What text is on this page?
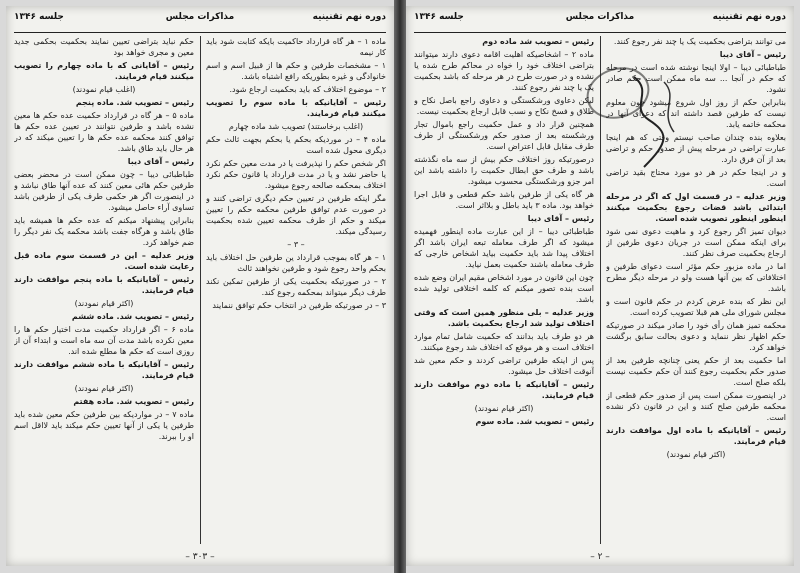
جلسه ۱۳۴۶	مذاکرات مجلس	دوره نهم تقنینیه

ماده ۱ – هر گاه قرارداد حاکمیت بایکه کتابت شود باید کار نیمه

۱ – مشخصات طرفین و حکم ها از قبیل اسم و اسم خانوادگی و غیره بطوریکه رافع اشتباه باشد.

۲ – موضوع اختلاف که باید بحکمیت ارجاع شود.

رئیس – آقایانیکه با ماده سوم را تصویب میکنند قیام فرمایند.

(اغلب برخاستند) تصویب شد ماده چهارم

ماده ۴ – در موردیکه بحکم یا بحکم بجهت ثالث حکم دیگری محول شده است

اگر شخص حکم را نپذیرفت یا در مدت معین حکم نکرد یا حاضر نشد و یا در مدت قرارداد یا قانون حکم نکرد اختلاف بمحکمه صالحه رجوع میشود.

مگر اینکه طرفین در تعیین حکم دیگری تراضی کنند و در صورت عدم توافق طرفین محکمه حکم را تعیین میکند و حکم از طرف محکمه تعیین شده بحکمیت رسیدگی میکند.

– ۳ –

۱ – هر گاه بموجب قرارداد ین طرفین حل اختلاف باید بحکم واحد رجوع شود و طرفین نخواهند ثالث

۲ – در صورتیکه بحکمیت یکی از طرفین تمکین نکند طرف دیگر میتواند بمحکمه رجوع کند.

۳ – در صورتیکه طرفین در انتخاب حکم توافق ننمایند

حکم نباید بتراضی تعیین نمایند بحکمیت بحکمی جدید معین و مجری خواهد بود

رئیس – آقایانی که با ماده چهارم را تصویب میکنند قیام فرمایند.

(اغلب قیام نمودند)

رئیس – تصویب شد. ماده پنجم

ماده ۵ – هر گاه در قرارداد حکمیت عده حکم ها معین نشده باشد و طرفین نتوانند در تعیین عده حکم ها توافق کنند محکمه عده حکم ها را تعیین میکند که در هر حال باید طاق باشد.

رئیس – آقای دیبا

طباطبائی دیبا – چون ممکن است در محضر بعضی طرفین حکم هائی معین کنند که عده آنها طاق نباشد و در اینصورت اگر هر حکمی طرف یکی از طرفین باشد تساوی آراء حاصل میشود.

بنابراین پیشنهاد میکنم که عده حکم ها همیشه باید طاق باشد و هرگاه جفت باشد محکمه یک نفر دیگر را ضم خواهد کرد.

وزیر عدلیه – این در قسمت سوم ماده قبل رعایت شده است.

رئیس – آقایانیکه با ماده پنجم موافقت دارند قیام فرمایند.

(اکثر قیام نمودند)

رئیس – تصویب شد. ماده ششم

ماده ۶ – اگر قرارداد حکمیت مدت اختیار حکم ها را معین نکرده باشد مدت آن سه ماه است و ابتداء آن از روزی است که حکم ها مطلع شده اند.

رئیس – آقایانیکه با ماده ششم موافقت دارند قیام فرمایند.

(اکثر قیام نمودند)

رئیس – تصویب شد. ماده هفتم

ماده ۷ – در مواردیکه بین طرفین حکم معین شده باید طرفین یا یکی از آنها تعیین حکم میکند باید لااقل اسم او را ببرند.

– ۳۰۳ –
جلسه ۱۳۴۶	مذاکرات مجلس	دوره نهم تقنینیه

می توانند بتراضی بحکمیت یک یا چند نفر رجوع کنند.

رئیس – آقای دیبا

طباطبائی دیبا – اولا اینجا نوشته شده است در مرحله که حکم در آنجا ... سه ماه ممکن است حکم صادر نشود.

بنابراین حکم از روز اول شروع میشود چون معلوم نیست که طرفین قصد داشته اند که دعوای آنها در محکمه خاتمه یابد.

بعلاوه بنده چندان صاحب نیستم وقتی که هم اینجا عبارت تراضی در مرحله پیش از صدور حکم و تراضی بعد از آن فرق دارد.

و در اینجا حکم در هر دو مورد محتاج بقید تراضی است.

وزیر عدلیه – در قسمت اول که اگر در مرحله ابتدائی باشد قضات رجوع بحکمیت میکنند اینطور اینطور تصویب شده است.

دیوان تمیز اگر رجوع کرد و ماهیت دعوی نمی شود برای اینکه ممکن است در جریان دعوی طرفین از ارجاع بحکمیت صرف نظر کنند.

اما در ماده مزبور حکم مؤثر است دعوای طرفین و اختلافاتی که بین آنها هست ولو در مرحله دیگر مطرح باشد.

این نظر که بنده عرض کردم در حکم قانون است و مجلس شورای ملی هم قبلا تصویب کرده است.

محکمه تمیز همان رأی خود را صادر میکند در صورتیکه حکم اظهار نظر ننماید و دعوی بحالت سابق برگشت خواهد کرد.

اما حکمیت بعد از حکم یعنی چنانچه طرفین بعد از صدور حکم بحکمیت رجوع کنند آن حکم حکمیت نیست بلکه صلح است.

در اینصورت ممکن است پس از صدور حکم قطعی از محکمه طرفین صلح کنند و این در قانون ذکر نشده است.

رئیس – آقایانیکه با ماده اول موافقت دارند قیام فرمایند.

(اکثر قیام نمودند)

رئیس – تصویب شد ماده دوم

ماده ۲ – اشخاصیکه اهلیت اقامه دعوی دارند میتوانند بتراضی اختلاف خود را خواه در محاکم طرح شده یا نشده و در صورت طرح در هر مرحله که باشد بحکمیت یک یا چند نفر رجوع کنند.

لیکن دعاوی ورشکستگی و دعاوی راجع باصل نکاح و طلاق و فسخ نکاح و نسب قابل ارجاع بحکمیت نیست.

همچنین قرار داد و عمل حکمیت راجع باموال تجار ورشکسته بعد از صدور حکم ورشکستگی از طرف طرف مقابل قابل اعتراض است.

درصورتیکه روز اختلاف حکم بیش از سه ماه نگذشته باشد و طرف حق ابطال حکمیت را داشته باشد این امر جزو ورشکستگی محسوب میشود.

هر گاه یکی از طرفین باشد حکم قطعی و قابل اجرا خواهد بود. ماده ۳ باید باطل و بلااثر است.

رئیس – آقای دیبا

طباطبائی دیبا – از این عبارت ماده اینطور فهمیده میشود که اگر طرف معامله تبعه ایران باشد اگر اختلاف پیدا شد باید حکمیت بیاید اشخاص خارجی که طرف معامله باشند حکمیت بعمل نیاید.

چون این قانون در مورد اشخاص مقیم ایران وضع شده است بنده تصور میکنم که کلمه اختلافی تولید شده باشد.

وزیر عدلیه – بلی منظور همین است که وقتی اختلاف تولید شد ارجاع بحکمیت باشد.

هر دو طرف باید بدانند که حکمیت شامل تمام موارد اختلاف است و هر موقع که اختلاف شد رجوع میکنند.

پس از اینکه طرفین تراضی کردند و حکم معین شد آنوقت اختلاف حل میشود.

رئیس – آقایانیکه با ماده دوم موافقت دارند قیام فرمایند.

(اکثر قیام نمودند)

رئیس – تصویب شد. ماده سوم

– ۲ –
